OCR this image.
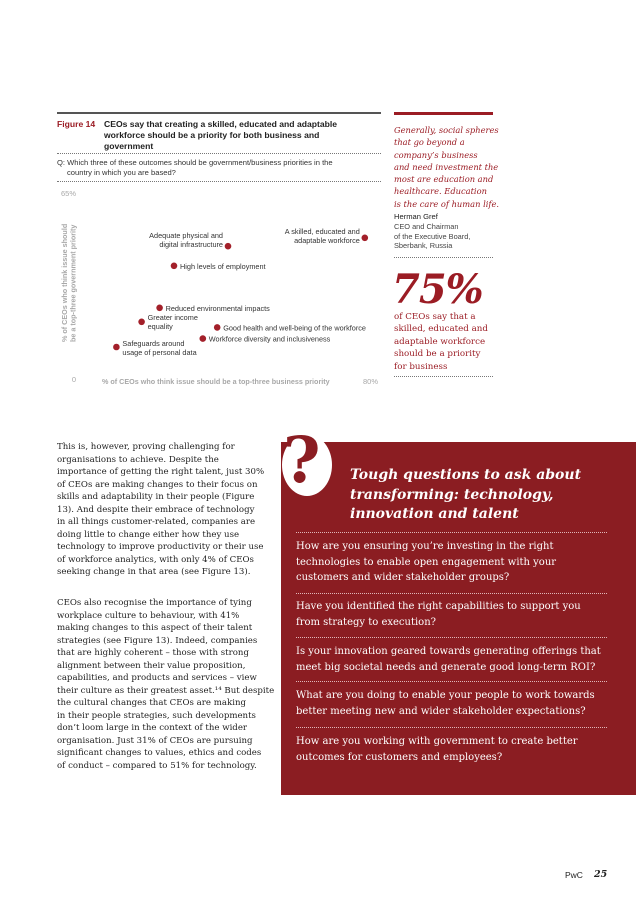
Figure 14 CEOs say that creating a skilled, educated and adaptable
workforce should be a priority for both business and
government
Q: Which three of these outcomes should be government/business priorities in the
country in which you are based?
65%
0	80%
% of CEOs who think issue should be a top-three business priority
% of CEOs who think issue shouldbe a top-three government priority	A skilled, educated and adaptable workforce
Adequate physical and digital infrastructure
High levels of employment
Reduced environmental impacts
Greater income equality	Good health and well-being of the workforce
Workforce diversity and inclusiveness
Safeguards around usage of personal data
Generally, social spheres
that go beyond a
company’s business
and need investment the
most are education and
healthcare. Education
is the care of human life.
Herman Gref
CEO and Chairman
of the Executive Board,
Sberbank, Russia
75%
of CEOs say that a
skilled, educated and
adaptable workforce
should be a priority
for business
This is, however, proving challenging for
organisations to achieve. Despite the
importance of getting the right talent, just 30%
of CEOs are making changes to their focus on
skills and adaptability in their people (Figure
13). And despite their embrace of technology
in all things customer-related, companies are
doing little to change either how they use
technology to improve productivity or their use
of workforce analytics, with only 4% of CEOs
seeking change in that area (see Figure 13).
CEOs also recognise the importance of tying
workplace culture to behaviour, with 41%
making changes to this aspect of their talent
strategies (see Figure 13). Indeed, companies
that are highly coherent – those with strong
alignment between their value proposition,
capabilities, and products and services – view
their culture as their greatest asset.¹⁴ But despite
the cultural changes that CEOs are making
in their people strategies, such developments
don’t loom large in the context of the wider
organisation. Just 31% of CEOs are pursuing
significant changes to values, ethics and codes
of conduct – compared to 51% for technology.
? Tough questions to ask about
transforming: technology,
innovation and talent
How are you ensuring you’re investing in the right
technologies to enable open engagement with your
customers and wider stakeholder groups?
Have you identified the right capabilities to support you
from strategy to execution?
Is your innovation geared towards generating offerings that
meet big societal needs and generate good long-term ROI?
What are you doing to enable your people to work towards
better meeting new and wider stakeholder expectations?
How are you working with government to create better
outcomes for customers and employees?
PwC 25
